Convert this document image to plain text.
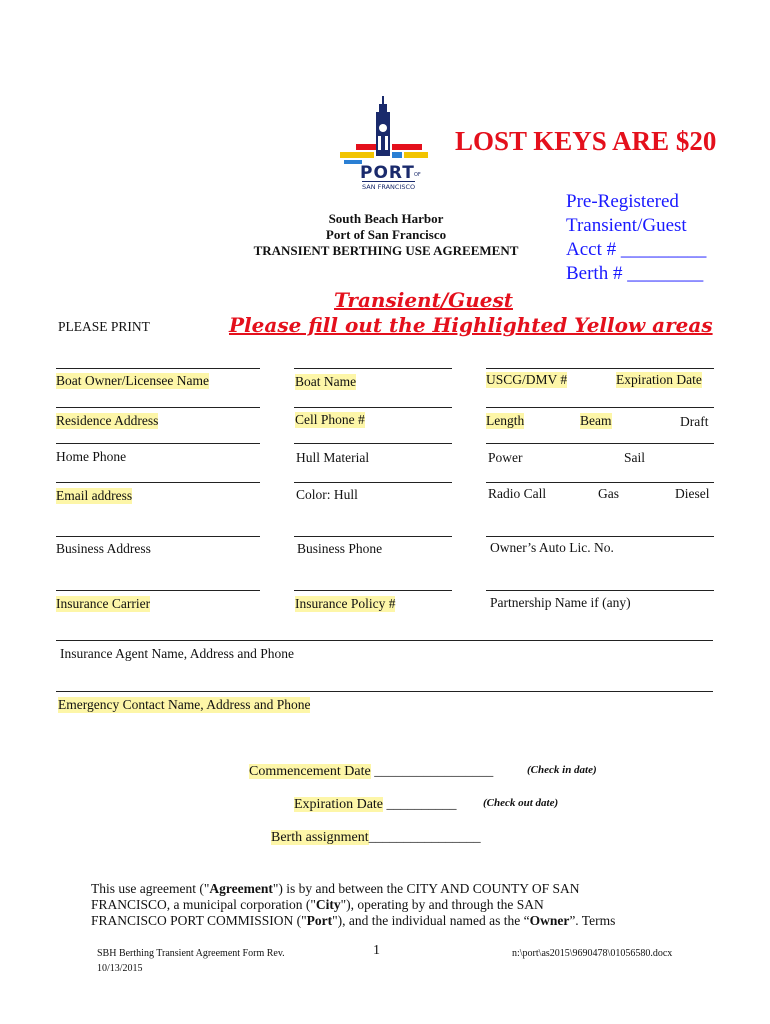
PORT OF
SAN FRANCISCO
LOST KEYS ARE $20
South Beach Harbor
Port of San Francisco
TRANSIENT BERTHING USE AGREEMENT
Pre-Registered
Transient/Guest
Acct # _________
Berth # ________
PLEASE PRINT
Transient/Guest
Please fill out the Highlighted Yellow areas
Boat Owner/Licensee Name	Boat Name	USCG/DMV #	Expiration Date
Residence Address	Cell Phone #	Length	Beam	Draft
Home Phone	Hull Material	Power	Sail
Email address	Color: Hull	Radio Call	Gas	Diesel
Business Address	Business Phone	Owner’s Auto Lic. No.
Insurance Carrier	Insurance Policy #	Partnership Name if (any)
Insurance Agent Name, Address and Phone
Emergency Contact Name, Address and Phone
Commencement Date _________________	(Check in date)
Expiration Date __________ (Check out date)
Berth assignment________________
This use agreement ("Agreement") is by and between the CITY AND COUNTY OF SAN
FRANCISCO, a municipal corporation ("City"), operating by and through the SAN
FRANCISCO PORT COMMISSION ("Port"), and the individual named as the “Owner”. Terms
SBH Berthing Transient Agreement Form Rev.
10/13/2015
1	n:\port\as2015\9690478\01056580.docx
